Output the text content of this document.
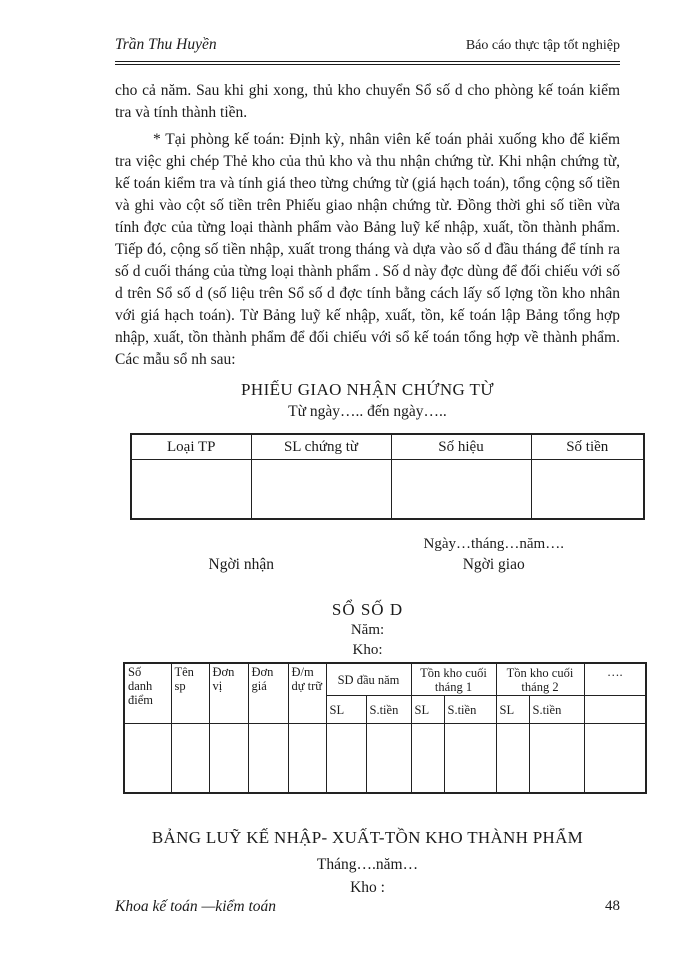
Trần Thu Huyền	Báo cáo thực tập tốt nghiệp

cho cả năm. Sau khi ghi xong, thủ kho chuyển Sổ số d cho phòng kế toán kiểm tra và tính thành tiền.

* Tại phòng kế toán: Định kỳ, nhân viên kế toán phải xuống kho để kiểm tra việc ghi chép Thẻ kho của thủ kho và thu nhận chứng từ. Khi nhận chứng từ, kế toán kiểm tra và tính giá theo từng chứng từ (giá hạch toán), tổng cộng số tiền và ghi vào cột số tiền trên Phiếu giao nhận chứng từ. Đồng thời ghi số tiền vừa tính đợc của từng loại thành phẩm vào Bảng luỹ kế nhập, xuất, tồn thành phẩm. Tiếp đó, cộng số tiền nhập, xuất trong tháng và dựa vào số d đầu tháng để tính ra số d cuối tháng của từng loại thành phẩm . Số d này đợc dùng để đối chiếu với số d trên Sổ số d (số liệu trên Sổ số d đợc tính bằng cách lấy số lợng tồn kho nhân với giá hạch toán). Từ Bảng luỹ kế nhập, xuất, tồn, kế toán lập Bảng tổng hợp nhập, xuất, tồn thành phẩm để đối chiếu với sổ kế toán tổng hợp về thành phẩm. Các mẫu sổ nh sau:

PHIẾU GIAO NHẬN CHỨNG TỪ
Từ ngày….. đến ngày…..
Loại TP	SL chứng từ	Số hiệu	Số tiền

Ngày…tháng…năm….
Ngời nhận	Ngời giao
SỔ SỐ D
Năm:
Kho:
Số danh điểm	Tên sp	Đơn vị	Đơn giá	Đ/m dự trữ	SD đầu năm		Tồn kho cuối tháng 1		Tồn kho cuối tháng 2		….
					SL	S.tiền	SL	S.tiền	SL	S.tiền	

BẢNG LUỸ KẾ NHẬP- XUẤT-TỒN KHO THÀNH PHẨM
Tháng….năm…
Kho :
Khoa kế toán —kiểm toán	48
